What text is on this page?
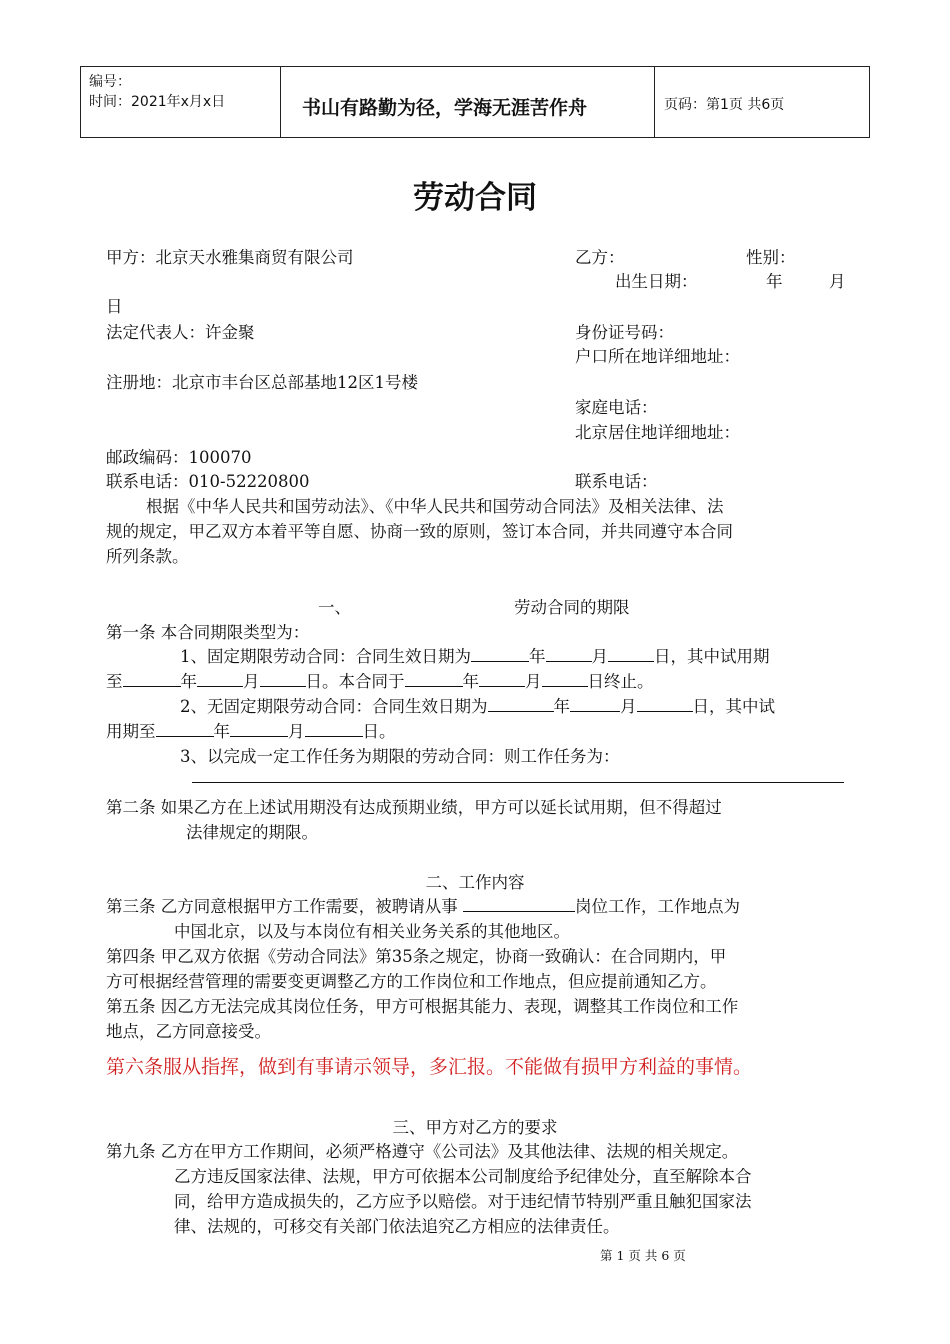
编号：
时间：2021年x月x日	书山有路勤为径，学海无涯苦作舟	页码：第1页 共6页
劳动合同
甲方：北京天水雅集商贸有限公司	乙方：	性别：
出生日期：	年	月
日
法定代表人：许金聚	身份证号码：
户口所在地详细地址：
注册地：北京市丰台区总部基地12区1号楼
家庭电话：
北京居住地详细地址：
邮政编码：100070
联系电话：010-52220800	联系电话：
根据《中华人民共和国劳动法》、《中华人民共和国劳动合同法》及相关法律、法
规的规定，甲乙双方本着平等自愿、协商一致的原则，签订本合同，并共同遵守本合同
所列条款。
一、	劳动合同的期限
第一条 本合同期限类型为：
1、固定期限劳动合同：合同生效日期为	年	月	日，其中试用期
至	年	月	日。本合同于	年	月	日终止。
2、无固定期限劳动合同：合同生效日期为	年	月	日，其中试
用期至	年	月	日。
3、以完成一定工作任务为期限的劳动合同：则工作任务为：
第二条 如果乙方在上述试用期没有达成预期业绩，甲方可以延长试用期，但不得超过
法律规定的期限。
二、工作内容
第三条 乙方同意根据甲方工作需要，被聘请从事	岗位工作，工作地点为
中国北京，以及与本岗位有相关业务关系的其他地区。
第四条 甲乙双方依据《劳动合同法》第35条之规定，协商一致确认：在合同期内，甲
方可根据经营管理的需要变更调整乙方的工作岗位和工作地点，但应提前通知乙方。
第五条 因乙方无法完成其岗位任务，甲方可根据其能力、表现，调整其工作岗位和工作
地点，乙方同意接受。
第六条服从指挥，做到有事请示领导，多汇报。不能做有损甲方利益的事情。
三、甲方对乙方的要求
第九条 乙方在甲方工作期间，必须严格遵守《公司法》及其他法律、法规的相关规定。
乙方违反国家法律、法规，甲方可依据本公司制度给予纪律处分，直至解除本合
同，给甲方造成损失的，乙方应予以赔偿。对于违纪情节特别严重且触犯国家法
律、法规的，可移交有关部门依法追究乙方相应的法律责任。
第 1 页 共 6 页
